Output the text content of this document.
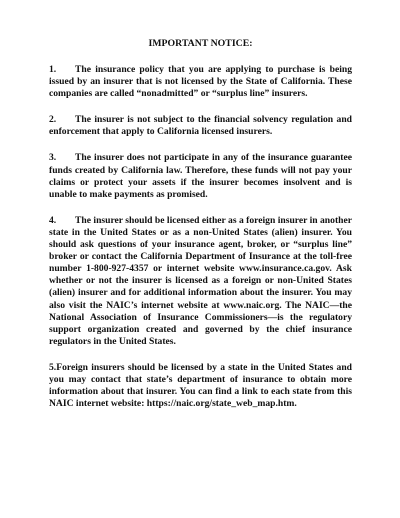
IMPORTANT NOTICE:
1. The insurance policy that you are applying to purchase is being issued by an insurer that is not licensed by the State of California. These companies are called “nonadmitted” or “surplus line” insurers.
2. The insurer is not subject to the financial solvency regulation and enforcement that apply to California licensed insurers.
3. The insurer does not participate in any of the insurance guarantee funds created by California law. Therefore, these funds will not pay your claims or protect your assets if the insurer becomes insolvent and is unable to make payments as promised.
4. The insurer should be licensed either as a foreign insurer in another state in the United States or as a non-United States (alien) insurer. You should ask questions of your insurance agent, broker, or “surplus line” broker or contact the California Department of Insurance at the toll-free number 1-800-927-4357 or internet website www.insurance.ca.gov. Ask whether or not the insurer is licensed as a foreign or non-United States (alien) insurer and for additional information about the insurer. You may also visit the NAIC’s internet website at www.naic.org. The NAIC—the National Association of Insurance Commissioners—is the regulatory support organization created and governed by the chief insurance regulators in the United States.
5.Foreign insurers should be licensed by a state in the United States and you may contact that state’s department of insurance to obtain more information about that insurer. You can find a link to each state from this NAIC internet website: https://naic.org/state_web_map.htm.
